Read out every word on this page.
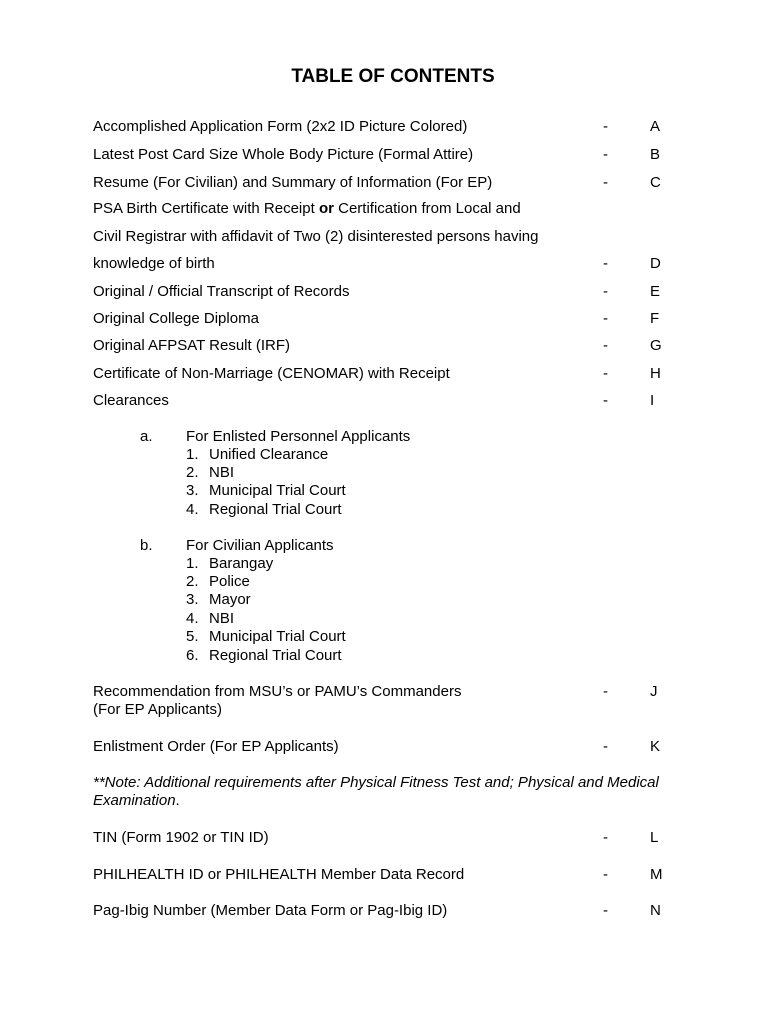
TABLE OF CONTENTS
Accomplished Application Form (2x2 ID Picture Colored)	-	A
Latest Post Card Size Whole Body Picture (Formal Attire)	-	B
Resume (For Civilian) and Summary of Information (For EP)	-	C
PSA Birth Certificate with Receipt or Certification from Local and
Civil Registrar with affidavit of Two (2) disinterested persons having
knowledge of birth	-	D
Original / Official Transcript of Records	-	E
Original College Diploma	-	F
Original AFPSAT Result (IRF)	-	G
Certificate of Non-Marriage (CENOMAR) with Receipt	-	H
Clearances	-	I
a. For Enlisted Personnel Applicants
1. Unified Clearance
2. NBI
3. Municipal Trial Court
4. Regional Trial Court
b. For Civilian Applicants
1. Barangay
2. Police
3. Mayor
4. NBI
5. Municipal Trial Court
6. Regional Trial Court
Recommendation from MSU’s or PAMU’s Commanders
(For EP Applicants)
-	J
Enlistment Order (For EP Applicants)	-	K
**Note: Additional requirements after Physical Fitness Test and; Physical and Medical Examination.
TIN (Form 1902 or TIN ID)	-	L
PHILHEALTH ID or PHILHEALTH Member Data Record	-	M
Pag-Ibig Number (Member Data Form or Pag-Ibig ID)	-	N
